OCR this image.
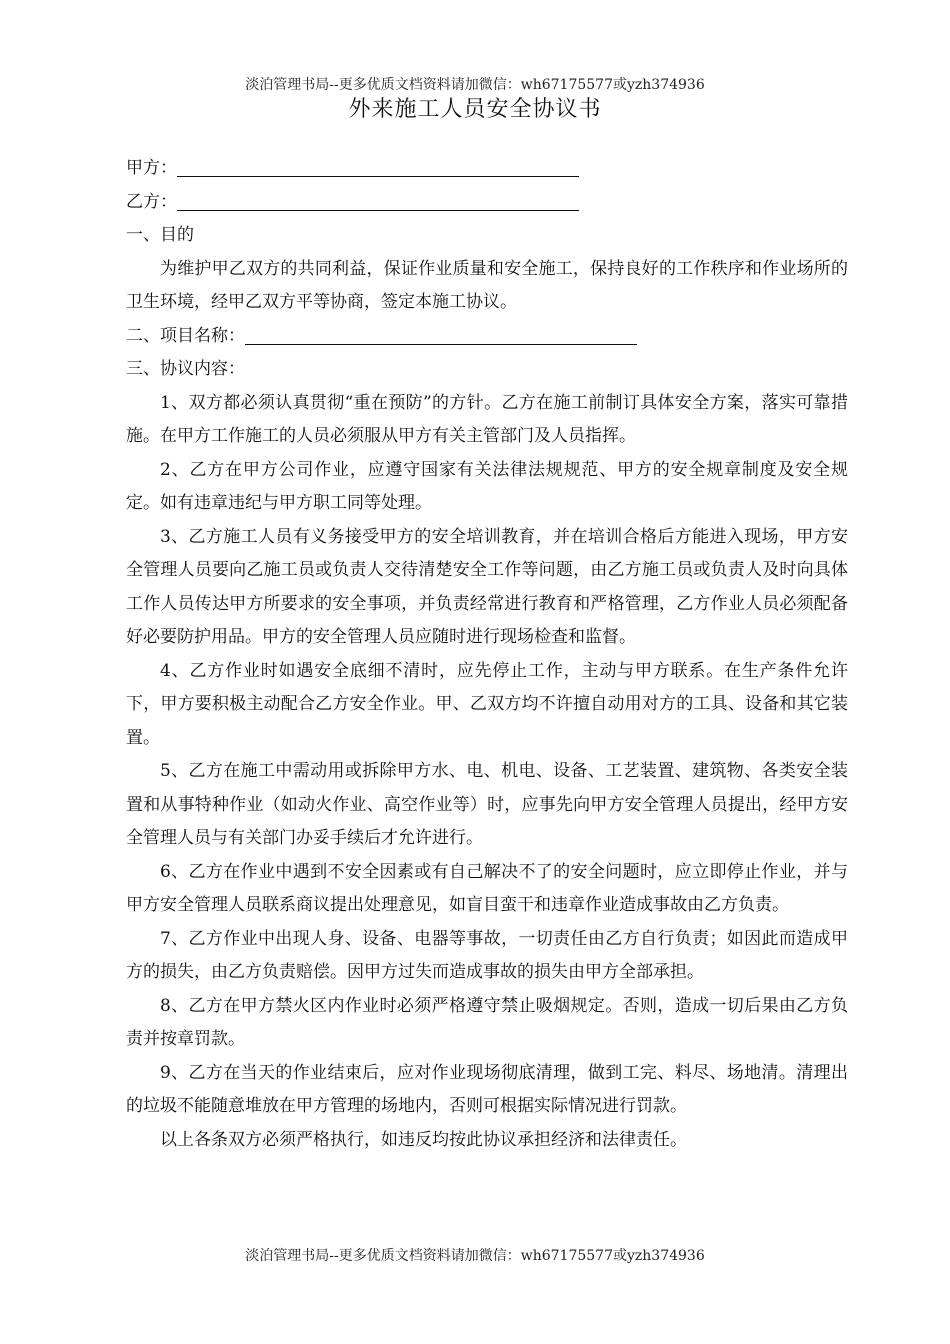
淡泊管理书局--更多优质文档资料请加微信：wh67175577或yzh374936
外来施工人员安全协议书
甲方：
乙方：
一、目的

为维护甲乙双方的共同利益，保证作业质量和安全施工，保持良好的工作秩序和作业场所的卫生环境，经甲乙双方平等协商，签定本施工协议。

二、项目名称：
三、协议内容：

1、双方都必须认真贯彻“重在预防”的方针。乙方在施工前制订具体安全方案，落实可靠措施。在甲方工作施工的人员必须服从甲方有关主管部门及人员指挥。

2、乙方在甲方公司作业，应遵守国家有关法律法规规范、甲方的安全规章制度及安全规定。如有违章违纪与甲方职工同等处理。

3、乙方施工人员有义务接受甲方的安全培训教育，并在培训合格后方能进入现场，甲方安全管理人员要向乙施工员或负责人交待清楚安全工作等问题，由乙方施工员或负责人及时向具体工作人员传达甲方所要求的安全事项，并负责经常进行教育和严格管理，乙方作业人员必须配备好必要防护用品。甲方的安全管理人员应随时进行现场检查和监督。

4、乙方作业时如遇安全底细不清时，应先停止工作，主动与甲方联系。在生产条件允许下，甲方要积极主动配合乙方安全作业。甲、乙双方均不许擅自动用对方的工具、设备和其它装置。

5、乙方在施工中需动用或拆除甲方水、电、机电、设备、工艺装置、建筑物、各类安全装置和从事特种作业（如动火作业、高空作业等）时，应事先向甲方安全管理人员提出，经甲方安全管理人员与有关部门办妥手续后才允许进行。

6、乙方在作业中遇到不安全因素或有自己解决不了的安全问题时，应立即停止作业，并与甲方安全管理人员联系商议提出处理意见，如盲目蛮干和违章作业造成事故由乙方负责。

7、乙方作业中出现人身、设备、电器等事故，一切责任由乙方自行负责；如因此而造成甲方的损失，由乙方负责赔偿。因甲方过失而造成事故的损失由甲方全部承担。

8、乙方在甲方禁火区内作业时必须严格遵守禁止吸烟规定。否则，造成一切后果由乙方负责并按章罚款。

9、乙方在当天的作业结束后，应对作业现场彻底清理，做到工完、料尽、场地清。清理出的垃圾不能随意堆放在甲方管理的场地内，否则可根据实际情况进行罚款。

以上各条双方必须严格执行，如违反均按此协议承担经济和法律责任。

淡泊管理书局--更多优质文档资料请加微信：wh67175577或yzh374936
